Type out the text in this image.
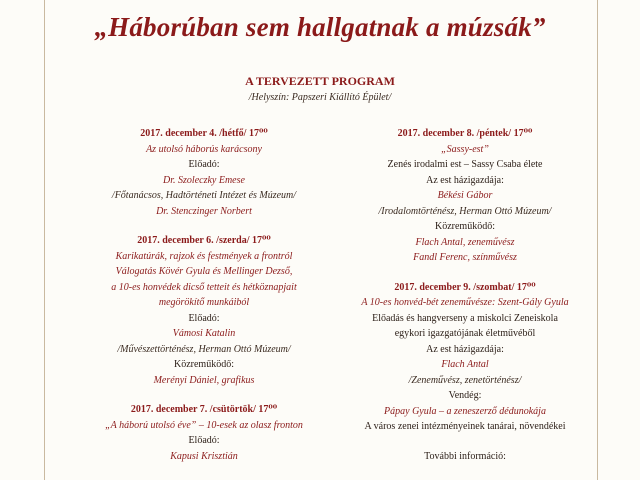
„Háborúban sem hallgatnak a múzsák”
A TERVEZETT PROGRAM
/Helyszín: Papszeri Kiállító Épület/
2017. december 4. /hétfő/ 17⁰⁰
Az utolsó háborús karácsony
Előadó:
Dr. Szoleczky Emese
/Főtanácsos, Hadtörténeti Intézet és Múzeum/
Dr. Stenczinger Norbert
2017. december 6. /szerda/ 17⁰⁰
Karikatúrák, rajzok és festmények a frontról
Válogatás Kövér Gyula és Mellinger Dezső,
a 10-es honvédek dicső tetteit és hétköznapjait
megörökítő munkáiból
Előadó:
Vámosi Katalin
/Művészettörténész, Herman Ottó Múzeum/
Közreműködő:
Merényi Dániel, grafikus
2017. december 7. /csütörtök/ 17⁰⁰
„A háború utolsó éve” – 10-esek az olasz fronton
Előadó:
Kapusi Krisztián
2017. december 8. /péntek/ 17⁰⁰
„Sassy-est”
Zenés irodalmi est – Sassy Csaba élete
Az est házigazdája:
Békési Gábor
/Irodalomtörténész, Herman Ottó Múzeum/
Közreműködő:
Flach Antal, zeneművész
Fandl Ferenc, színművész
2017. december 9. /szombat/ 17⁰⁰
A 10-es honvéd-bét zeneművésze: Szent-Gály Gyula
Előadás és hangverseny a miskolci Zeneiskola
egykori igazgatójának életművéből
Az est házigazdája:
Flach Antal
/Zeneművész, zenetörténész/
Vendég:
Pápay Gyula – a zeneszerző dédunokája
A város zenei intézményeinek tanárai, növendékei
További információ:
